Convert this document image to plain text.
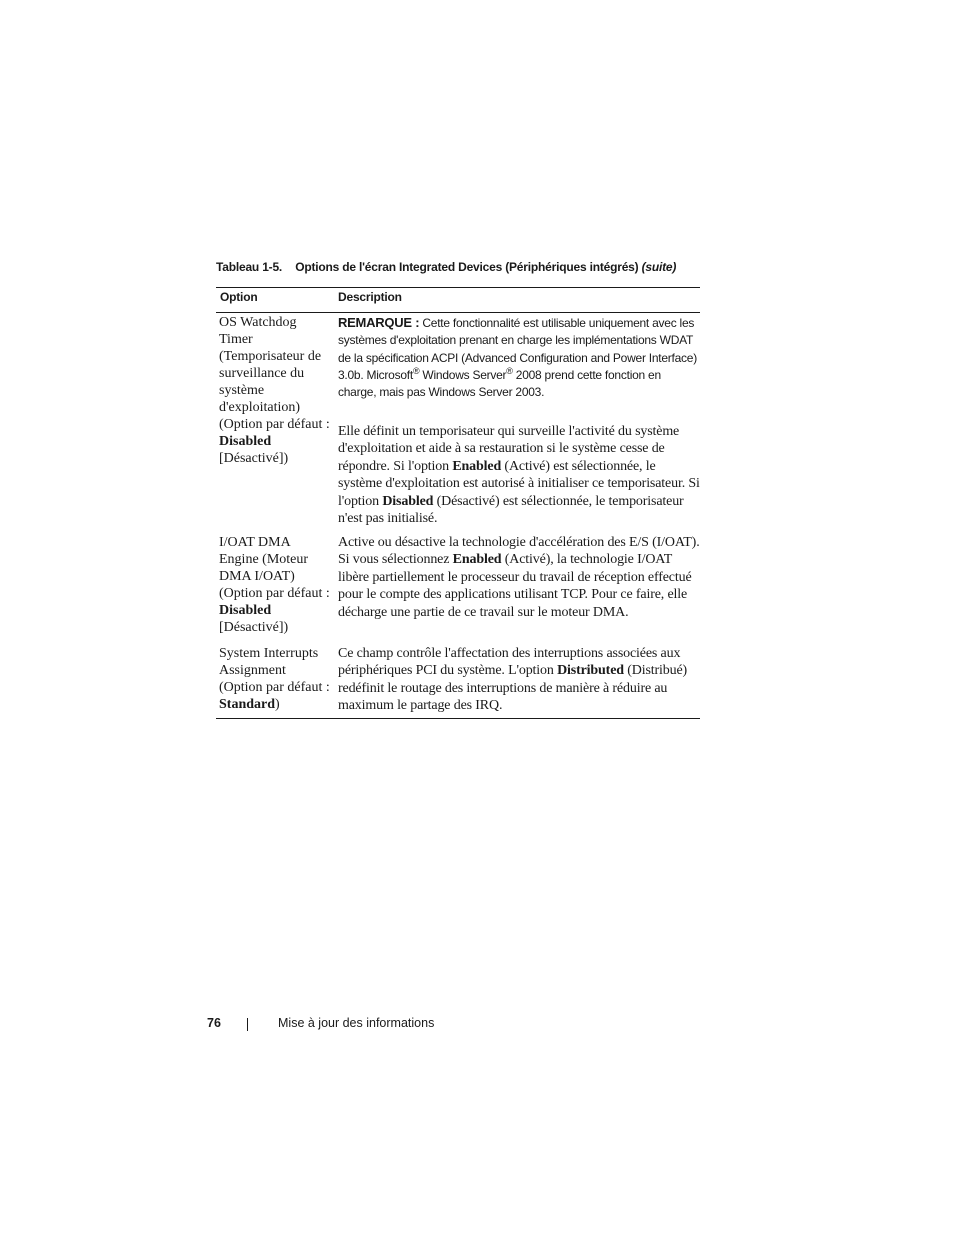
Tableau 1-5. Options de l'écran Integrated Devices (Périphériques intégrés) (suite)
Option	Description
OS Watchdog Timer (Temporisateur de surveillance du système d'exploitation) (Option par défaut : Disabled [Désactivé])
REMARQUE : Cette fonctionnalité est utilisable uniquement avec les systèmes d'exploitation prenant en charge les implémentations WDAT de la spécification ACPI (Advanced Configuration and Power Interface) 3.0b. Microsoft® Windows Server® 2008 prend cette fonction en charge, mais pas Windows Server 2003.
Elle définit un temporisateur qui surveille l'activité du système d'exploitation et aide à sa restauration si le système cesse de répondre. Si l'option Enabled (Activé) est sélectionnée, le système d'exploitation est autorisé à initialiser ce temporisateur. Si l'option Disabled (Désactivé) est sélectionnée, le temporisateur n'est pas initialisé.
I/OAT DMA Engine (Moteur DMA I/OAT) (Option par défaut : Disabled [Désactivé])
Active ou désactive la technologie d'accélération des E/S (I/OAT). Si vous sélectionnez Enabled (Activé), la technologie I/OAT libère partiellement le processeur du travail de réception effectué pour le compte des applications utilisant TCP. Pour ce faire, elle décharge une partie de ce travail sur le moteur DMA.
System Interrupts Assignment (Option par défaut : Standard)
Ce champ contrôle l'affectation des interruptions associées aux périphériques PCI du système. L'option Distributed (Distribué) redéfinit le routage des interruptions de manière à réduire au maximum le partage des IRQ.
76	Mise à jour des informations
